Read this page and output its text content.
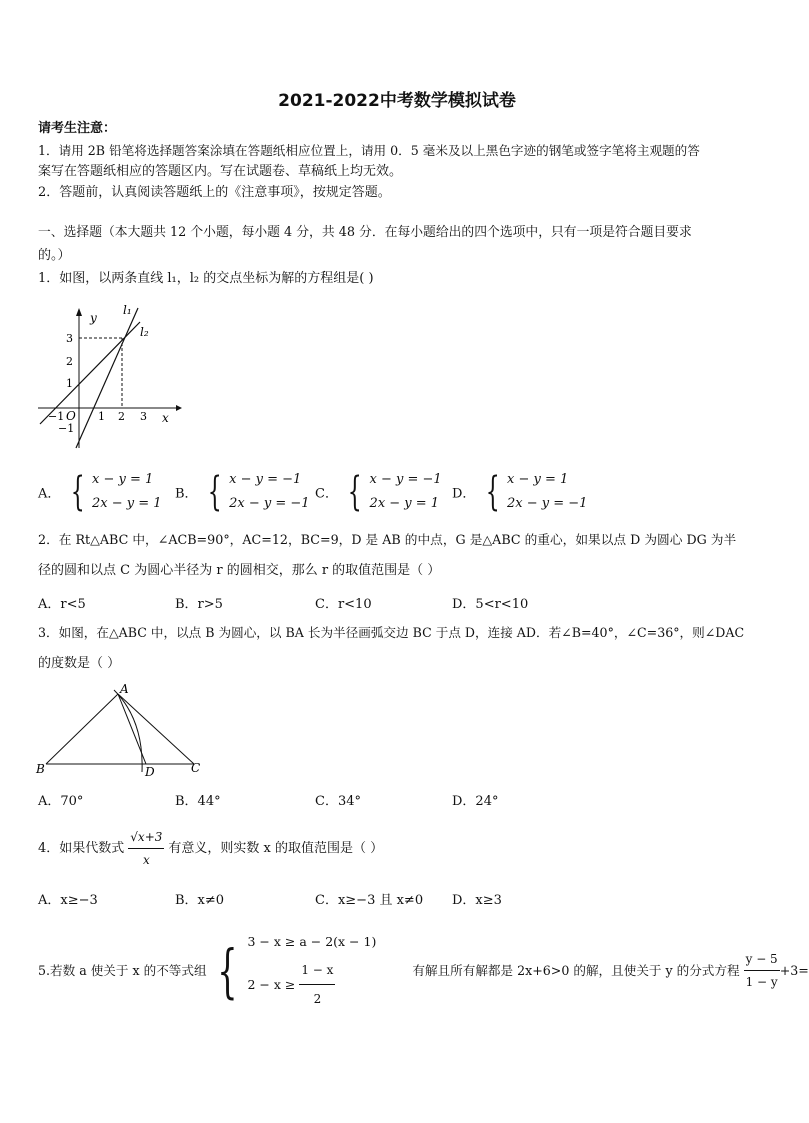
2021-2022中考数学模拟试卷
请考生注意：
1．请用 2B 铅笔将选择题答案涂填在答题纸相应位置上，请用 0．5 毫米及以上黑色字迹的钢笔或签字笔将主观题的答
案写在答题纸相应的答题区内。写在试题卷、草稿纸上均无效。
2．答题前，认真阅读答题纸上的《注意事项》，按规定答题。
一、选择题（本大题共 12 个小题，每小题 4 分，共 48 分．在每小题给出的四个选项中，只有一项是符合题目要求
的。）
1．如图，以两条直线 l₁，l₂ 的交点坐标为解的方程组是( )
y
x
O
l₁
l₂
3
2
1
−1
−1	1 2 3
A． { x − y = 1
2x − y = 1
B． { x − y = −1
2x − y = −1
C． { x − y = −1
2x − y = 1
D． { x − y = 1
2x − y = −1
2．在 Rt△ABC 中，∠ACB=90°，AC=12，BC=9，D 是 AB 的中点，G 是△ABC 的重心，如果以点 D 为圆心 DG 为半
径的圆和以点 C 为圆心半径为 r 的圆相交，那么 r 的取值范围是（ ）
A．r<5	B．r>5	C．r<10	D．5<r<10
3．如图，在△ABC 中，以点 B 为圆心，以 BA 长为半径画弧交边 BC 于点 D，连接 AD．若∠B=40°，∠C=36°，则∠DAC
的度数是（ ）
A
B	C
D
A．70°	B．44°	C．34°	D．24°
4．如果代数式 $\frac{√x+3}{x}$ 有意义，则实数 x 的取值范围是（ ）
A．x≥−3	B．x≠0	C．x≥−3 且 x≠0 D．x≥3
5.若数 a 使关于 x 的不等式组 { 3 − x ≥ a − 2(x − 1)
$2 - x \ge \frac{1 - x}{2}$	有解且所有解都是 2x+6>0 的解，且使关于 y 的分式方程 $\frac{y - 5}{1 - y} +3=$
